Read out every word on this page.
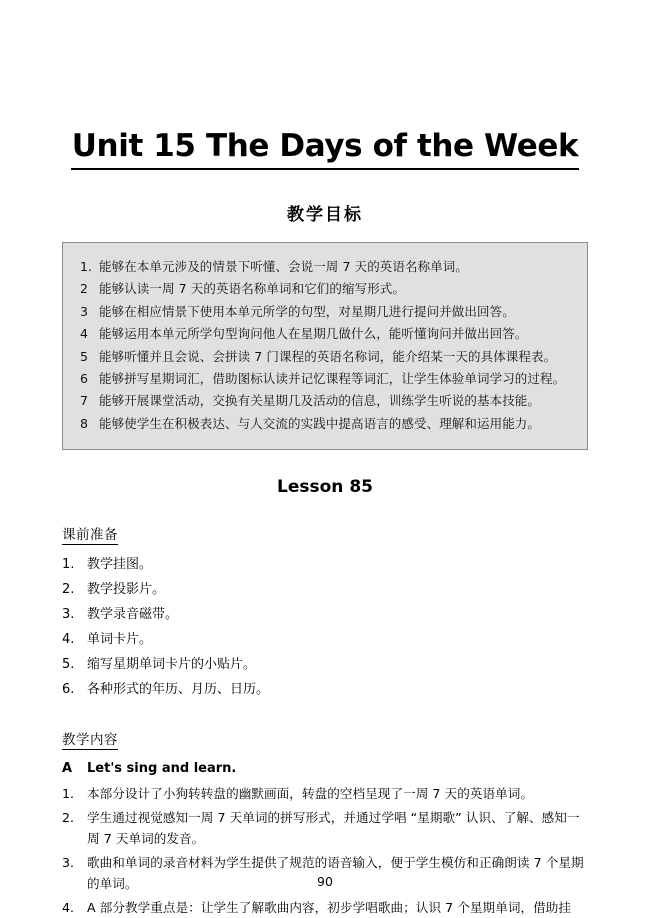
Unit 15 The Days of the Week
教学目标
1. 能够在本单元涉及的情景下听懂、会说一周 7 天的英语名称单词。
2 能够认读一周 7 天的英语名称单词和它们的缩写形式。
3 能够在相应情景下使用本单元所学的句型，对星期几进行提问并做出回答。
4 能够运用本单元所学句型询问他人在星期几做什么，能听懂询问并做出回答。
5 能够听懂并且会说、会拼读 7 门课程的英语名称词，能介绍某一天的具体课程表。
6 能够拼写星期词汇，借助图标认读并记忆课程等词汇，让学生体验单词学习的过程。
7 能够开展课堂活动，交换有关星期几及活动的信息，训练学生听说的基本技能。
8 能够使学生在积极表达、与人交流的实践中提高语言的感受、理解和运用能力。
Lesson 85
课前准备
1. 教学挂图。
2. 教学投影片。
3. 教学录音磁带。
4. 单词卡片。
5. 缩写星期单词卡片的小贴片。
6. 各种形式的年历、月历、日历。
教学内容
A	Let's sing and learn.
1.	本部分设计了小狗转转盘的幽默画面，转盘的空档呈现了一周 7 天的英语单词。
2.	学生通过视觉感知一周 7 天单词的拼写形式，并通过学唱 “星期歌” 认识、了解、感知一周 7 天单词的发音。
3.	歌曲和单词的录音材料为学生提供了规范的语音输入，便于学生模仿和正确朗读 7 个星期的单词。
4.	A 部分教学重点是：让学生了解歌曲内容，初步学唱歌曲；认识 7 个星期单词，借助挂
90
